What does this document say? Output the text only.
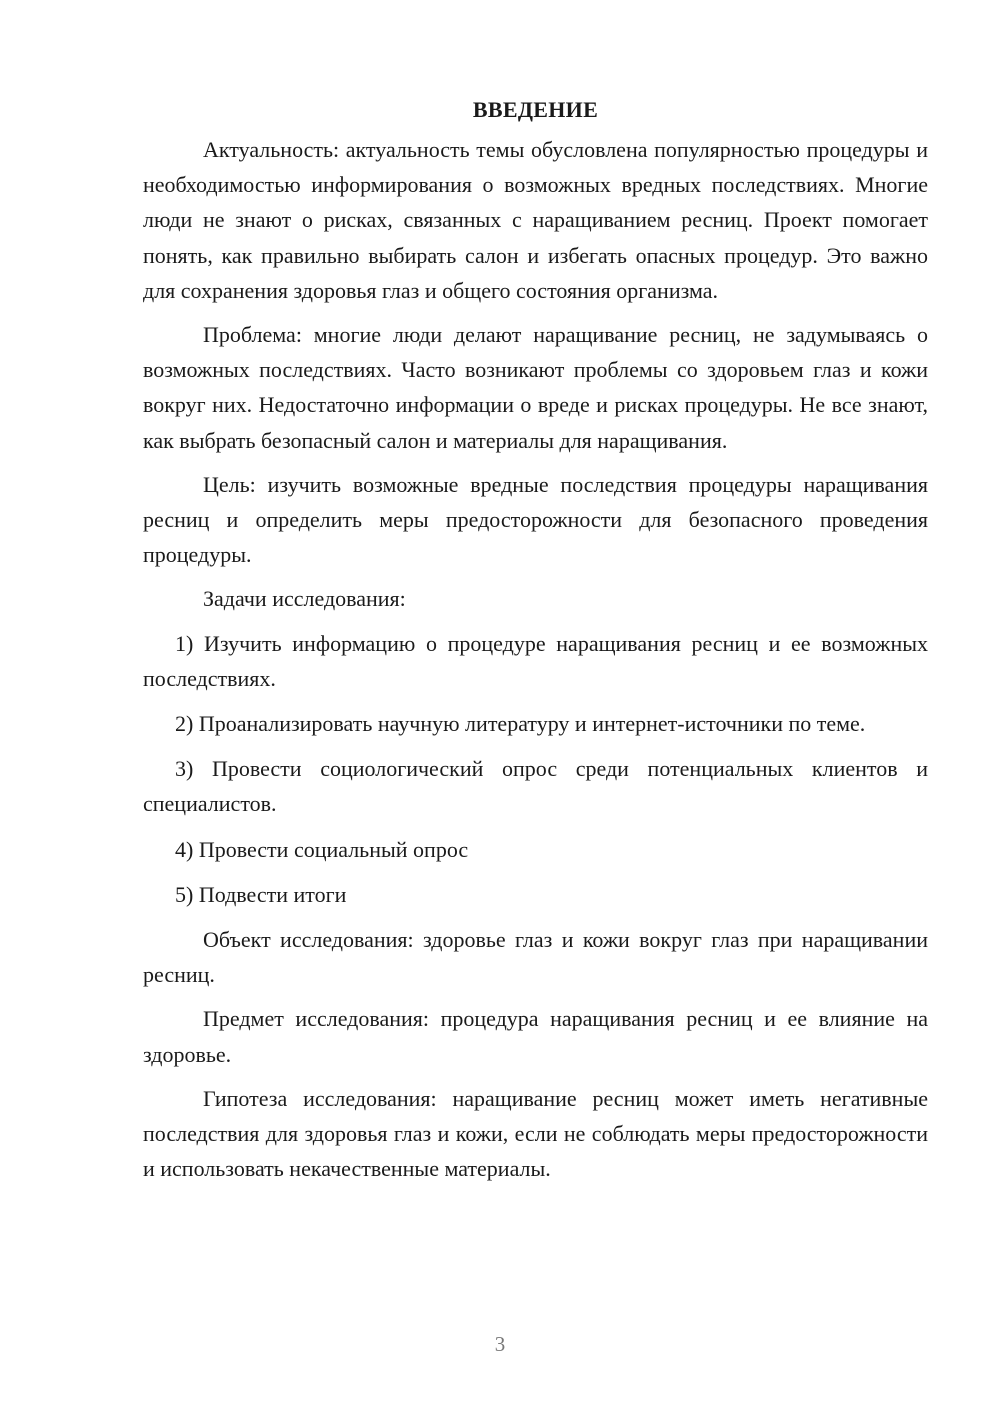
ВВЕДЕНИЕ

Актуальность: актуальность темы обусловлена популярностью процедуры и необходимостью информирования о возможных вредных последствиях. Многие люди не знают о рисках, связанных с наращиванием ресниц. Проект помогает понять, как правильно выбирать салон и избегать опасных процедур. Это важно для сохранения здоровья глаз и общего состояния организма.

Проблема: многие люди делают наращивание ресниц, не задумываясь о возможных последствиях. Часто возникают проблемы со здоровьем глаз и кожи вокруг них. Недостаточно информации о вреде и рисках процедуры. Не все знают, как выбрать безопасный салон и материалы для наращивания.

Цель: изучить возможные вредные последствия процедуры наращивания ресниц и определить меры предосторожности для безопасного проведения процедуры.

Задачи исследования:

1) Изучить информацию о процедуре наращивания ресниц и ее возможных последствиях.

2) Проанализировать научную литературу и интернет-источники по теме.

3) Провести социологический опрос среди потенциальных клиентов и специалистов.

4) Провести социальный опрос

5) Подвести итоги

Объект исследования: здоровье глаз и кожи вокруг глаз при наращивании ресниц.

Предмет исследования: процедура наращивания ресниц и ее влияние на здоровье.

Гипотеза исследования: наращивание ресниц может иметь негативные последствия для здоровья глаз и кожи, если не соблюдать меры предосторожности и использовать некачественные материалы.

3
